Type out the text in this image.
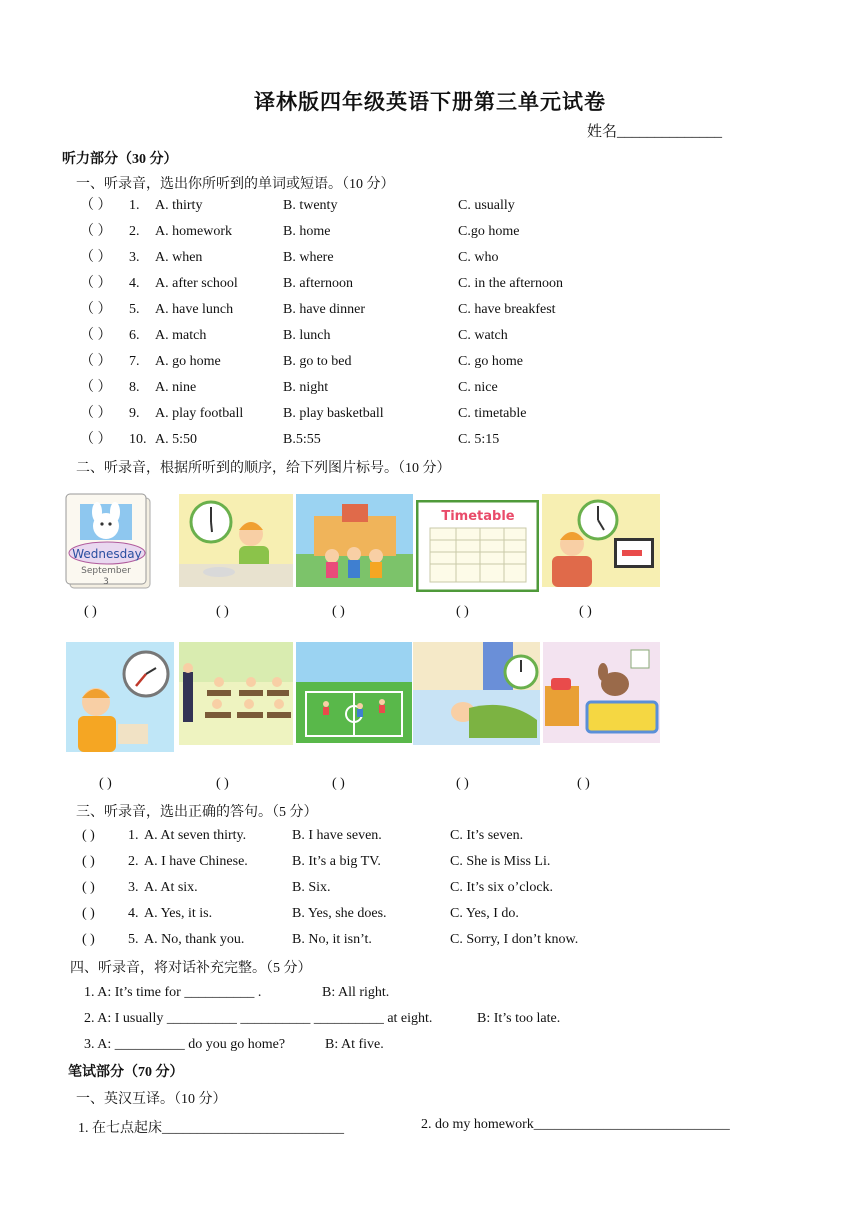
译林版四年级英语下册第三单元试卷
姓名______________
听力部分（30 分）
一、听录音，选出你所听到的单词或短语。（10 分）
（ ） 1. A. thirty	B. twenty	C. usually
（ ） 2. A. homework	B. home	C.go home
（ ） 3. A. when	B. where	C. who
（ ） 4. A. after school	B. afternoon	C. in the afternoon
（ ） 5. A. have lunch	B. have dinner	C. have breakfest
（ ） 6. A. match	B. lunch	C. watch
（ ） 7. A. go home	B. go to bed	C. go home
（ ） 8. A. nine	B. night	C. nice
（ ） 9. A. play football	B. play basketball	C. timetable
（ ） 10. A. 5:50	B.5:55	C. 5:15
二、听录音，根据所听到的顺序，给下列图片标号。（10 分）
Wednesday
September
3
Timetable
( )	( )	( )	( )	( )
( )	( )	( )	( )	( )
三、听录音，选出正确的答句。（5 分）
( ) 1. A. At seven thirty.	B. I have seven.	C. It’s seven.
( ) 2. A. I have Chinese.	B. It’s a big TV.	C. She is Miss Li.
( ) 3. A. At six.	B. Six.	C. It’s six o’clock.
( ) 4. A. Yes, it is.	B. Yes, she does.	C. Yes, I do.
( ) 5. A. No, thank you.	B. No, it isn’t.	C. Sorry, I don’t know.
四、听录音，将对话补充完整。（5 分）
1. A: It’s time for __________ .	B: All right.
2. A: I usually __________ __________ __________ at eight.	B: It’s too late.
3. A: __________ do you go home?	B: At five.
笔试部分（70 分）
一、英汉互译。（10 分）
1. 在七点起床__________________________	2. do my homework____________________________
